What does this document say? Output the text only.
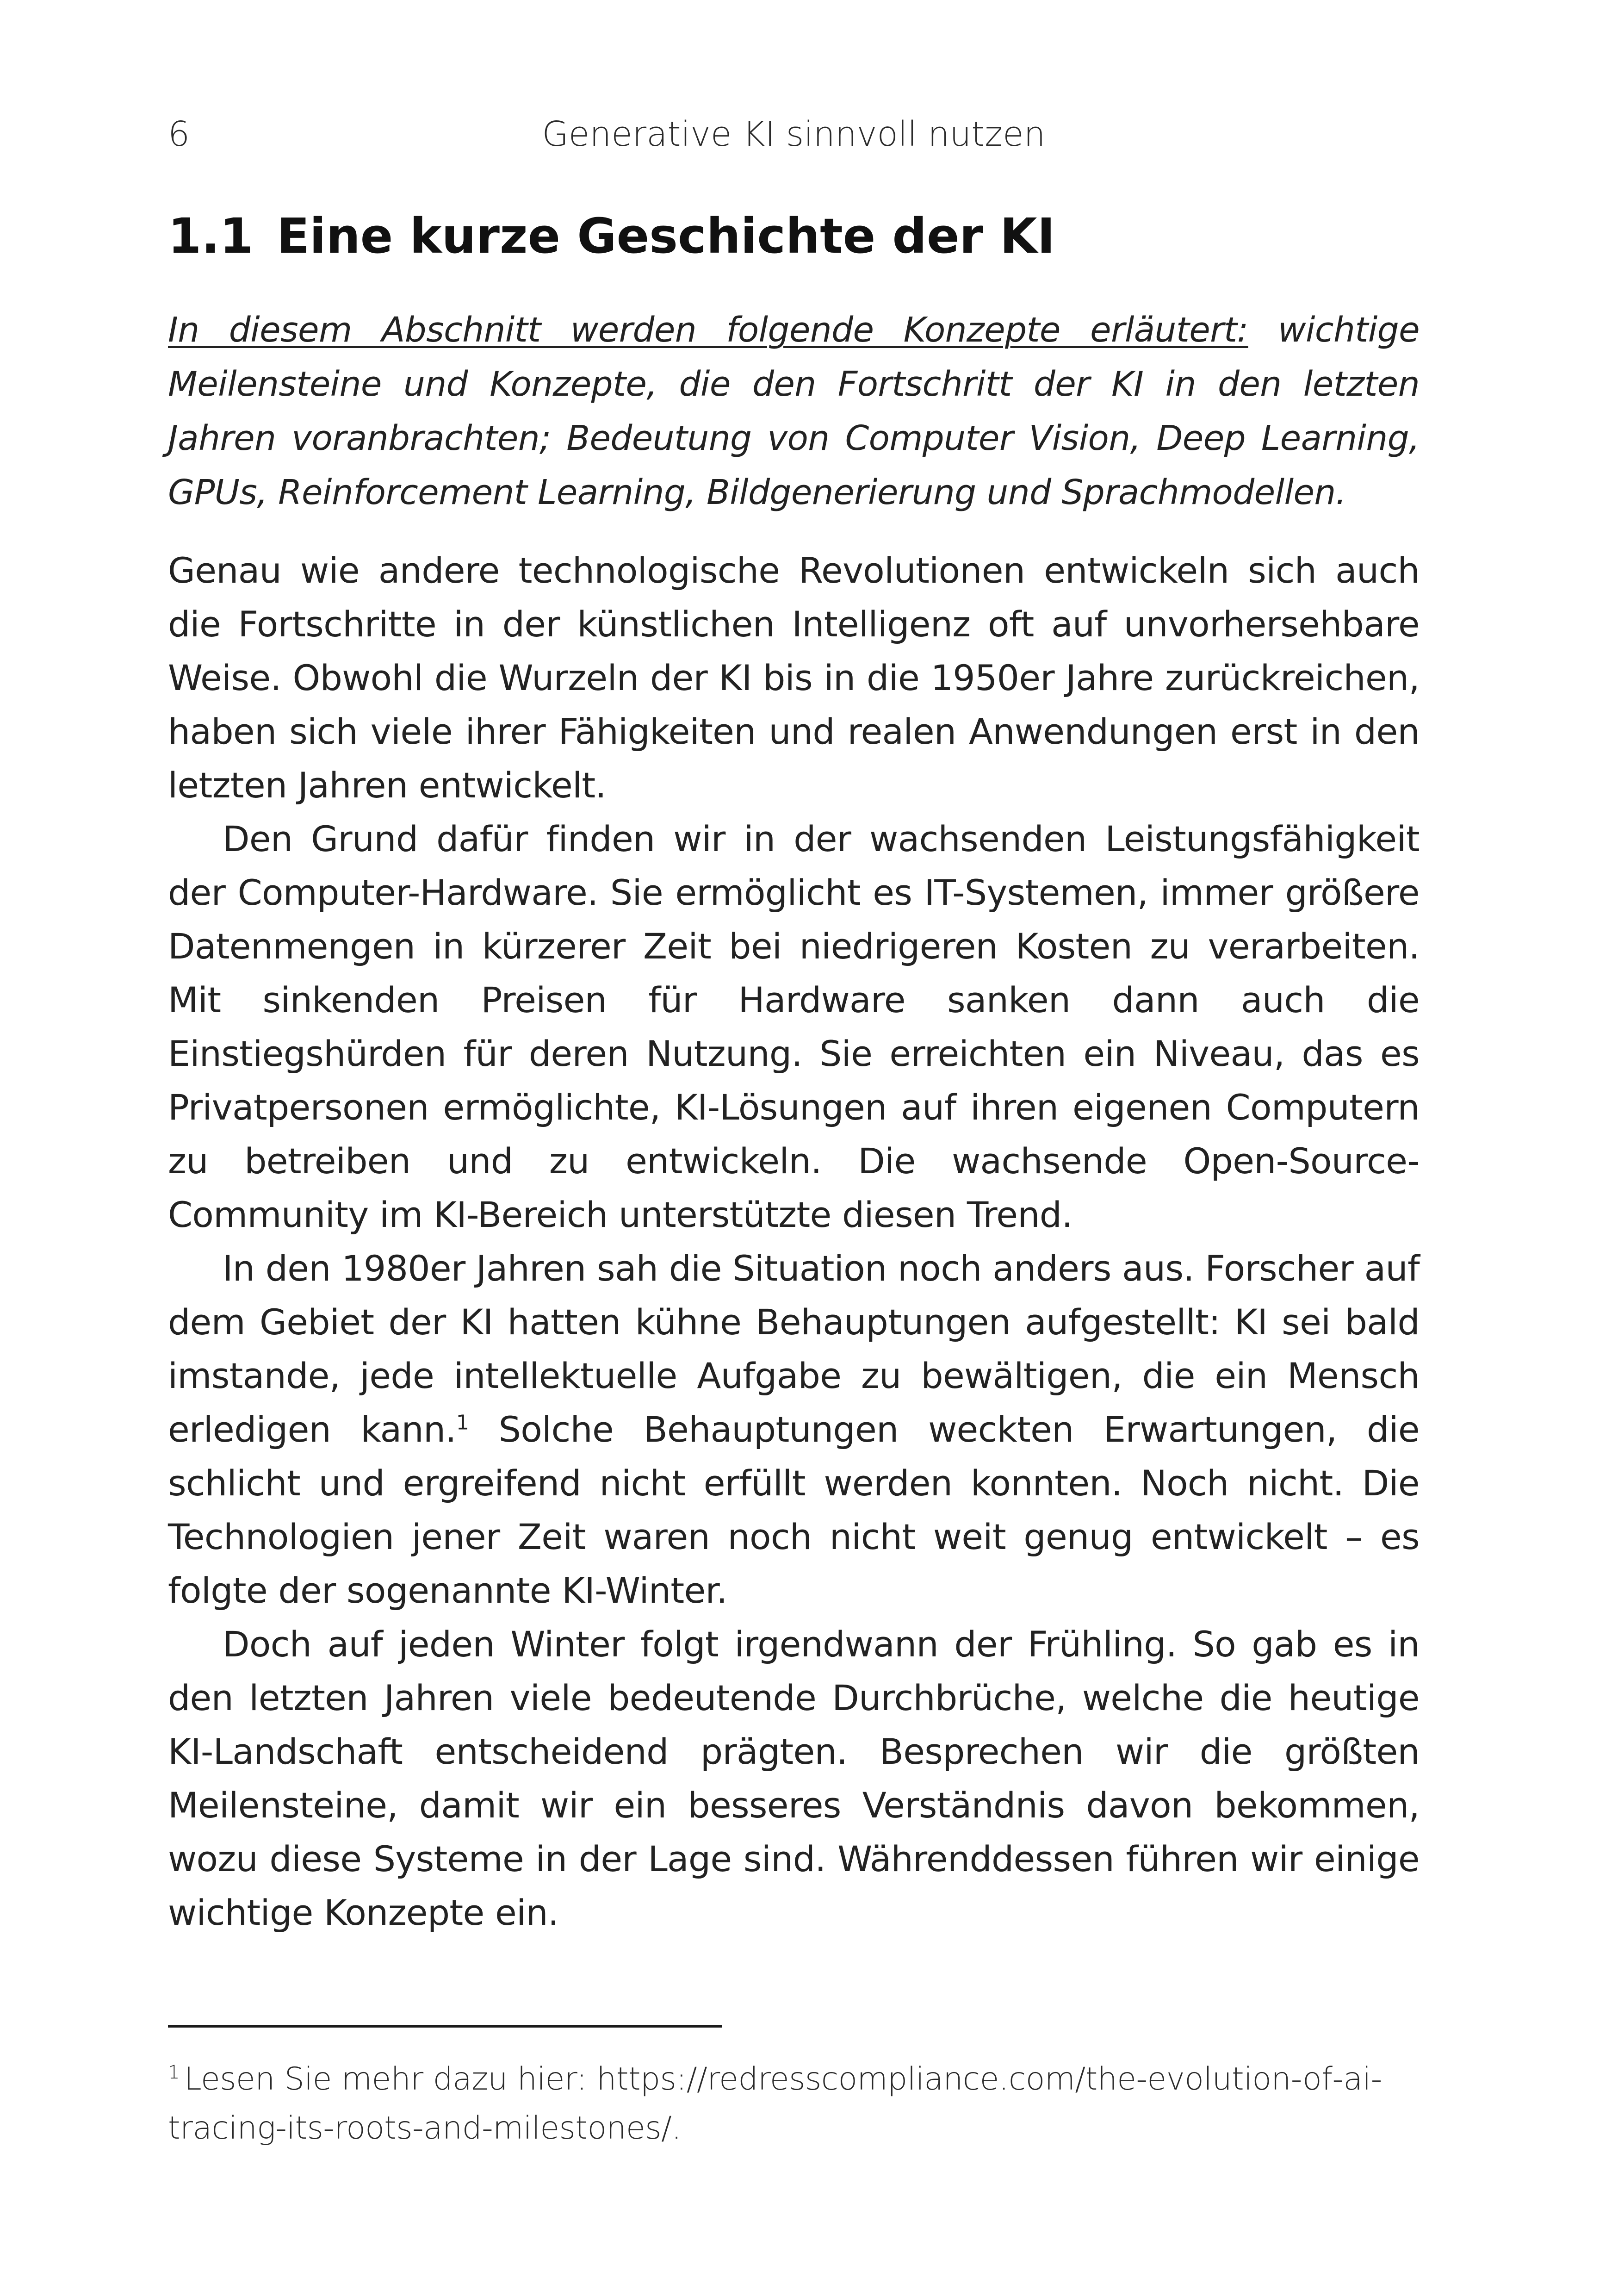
6	Generative KI sinnvoll nutzen
1.1 Eine kurze Geschichte der KI
In diesem Abschnitt werden folgende Konzepte erläutert: wichtige Meilensteine und Konzepte, die den Fortschritt der KI in den letzten Jahren voranbrachten; Bedeutung von Computer Vision, Deep Learning, GPUs, Reinforcement Learning, Bildgenerierung und Sprachmodellen.

Genau wie andere technologische Revolutionen entwickeln sich auch die Fortschritte in der künstlichen Intelligenz oft auf unvorhersehbare Weise. Obwohl die Wurzeln der KI bis in die 1950er Jahre zurückreichen, haben sich viele ihrer Fähigkeiten und realen Anwendungen erst in den letzten Jahren entwickelt.

Den Grund dafür finden wir in der wachsenden Leistungsfähigkeit der Computer-Hardware. Sie ermöglicht es IT-Systemen, immer größere Datenmengen in kürzerer Zeit bei niedrigeren Kosten zu verarbeiten. Mit sinkenden Preisen für Hardware sanken dann auch die Einstiegshürden für deren Nutzung. Sie erreichten ein Niveau, das es Privatpersonen ermöglichte, KI-Lösungen auf ihren eigenen Computern zu betreiben und zu entwickeln. Die wachsende Open-Source-Community im KI-Bereich unterstützte diesen Trend.

In den 1980er Jahren sah die Situation noch anders aus. Forscher auf dem Gebiet der KI hatten kühne Behauptungen aufgestellt: KI sei bald imstande, jede intellektuelle Aufgabe zu bewältigen, die ein Mensch erledigen kann.$^1$ Solche Behauptungen weckten Erwartungen, die schlicht und ergreifend nicht erfüllt werden konnten. Noch nicht. Die Technologien jener Zeit waren noch nicht weit genug entwickelt – es folgte der sogenannte KI-Winter.

Doch auf jeden Winter folgt irgendwann der Frühling. So gab es in den letzten Jahren viele bedeutende Durchbrüche, welche die heutige KI-Landschaft entscheidend prägten. Besprechen wir die größten Meilensteine, damit wir ein besseres Verständnis davon bekommen, wozu diese Systeme in der Lage sind. Währenddessen führen wir einige wichtige Konzepte ein.

$^1$ Lesen Sie mehr dazu hier: https://redresscompliance.com/the-evolution-of-ai-
tracing-its-roots-and-milestones/.
